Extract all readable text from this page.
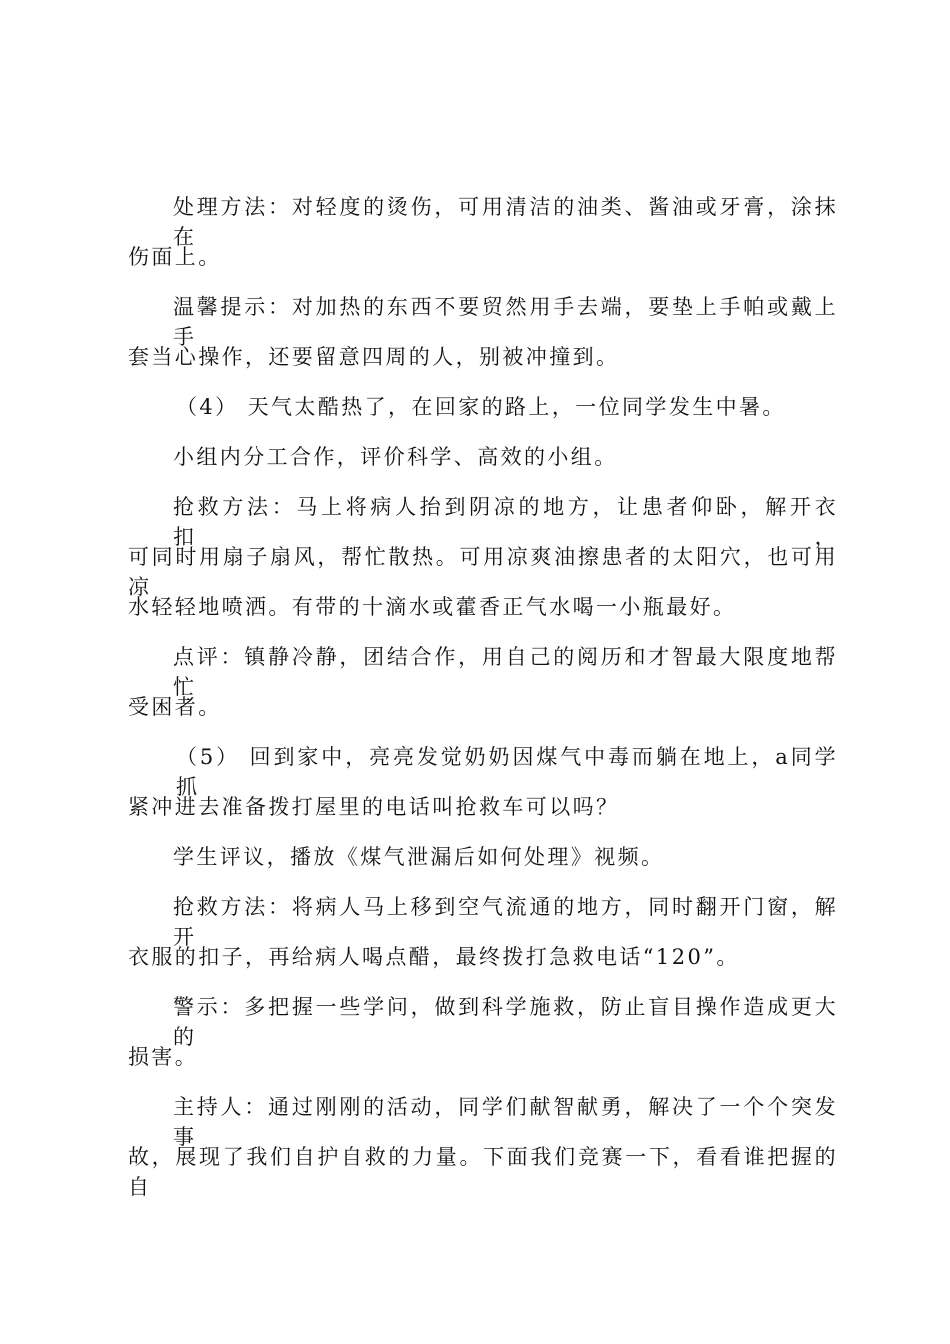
处理方法：对轻度的烫伤，可用清洁的油类、酱油或牙膏，涂抹在
伤面上。
温馨提示：对加热的东西不要贸然用手去端，要垫上手帕或戴上手
套当心操作，还要留意四周的人，别被冲撞到。
（4） 天气太酷热了，在回家的路上，一位同学发生中暑。
小组内分工合作，评价科学、高效的小组。
抢救方法：马上将病人抬到阴凉的地方，让患者仰卧，解开衣扣，
可同时用扇子扇风，帮忙散热。可用凉爽油擦患者的太阳穴，也可用凉
水轻轻地喷洒。有带的十滴水或藿香正气水喝一小瓶最好。
点评：镇静冷静，团结合作，用自己的阅历和才智最大限度地帮忙
受困者。
（5） 回到家中，亮亮发觉奶奶因煤气中毒而躺在地上，a同学抓
紧冲进去准备拨打屋里的电话叫抢救车可以吗？
学生评议，播放《煤气泄漏后如何处理》视频。
抢救方法：将病人马上移到空气流通的地方，同时翻开门窗，解开
衣服的扣子，再给病人喝点醋，最终拨打急救电话“120”。
警示：多把握一些学问，做到科学施救，防止盲目操作造成更大的
损害。
主持人：通过刚刚的活动，同学们献智献勇，解决了一个个突发事
故，展现了我们自护自救的力量。下面我们竞赛一下，看看谁把握的自
